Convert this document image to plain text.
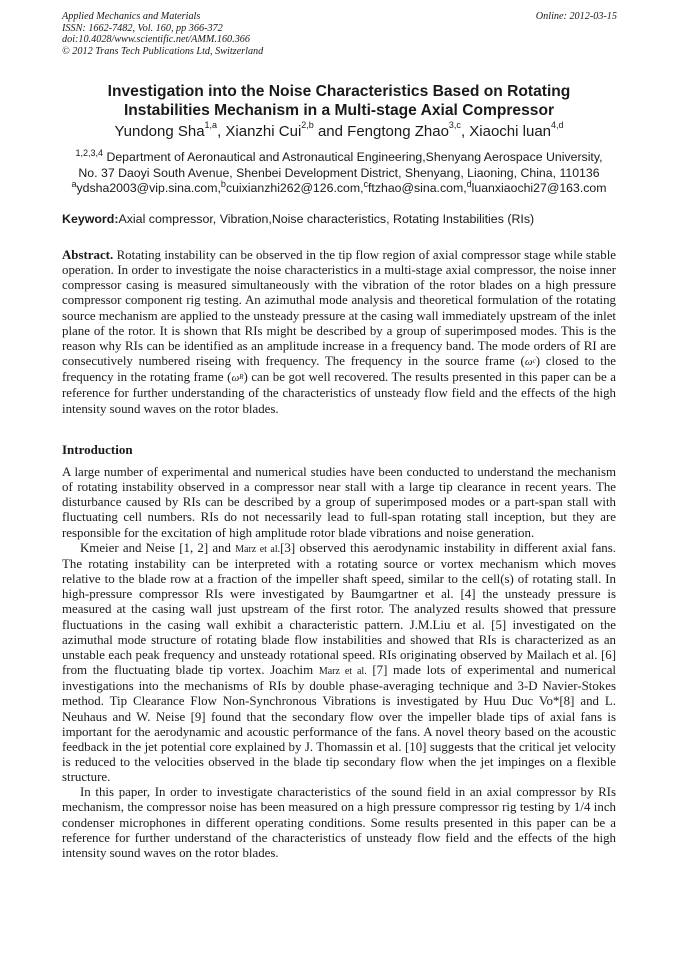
Applied Mechanics and Materials
ISSN: 1662-7482, Vol. 160, pp 366-372
doi:10.4028/www.scientific.net/AMM.160.366
© 2012 Trans Tech Publications Ltd, Switzerland
Online: 2012-03-15
Investigation into the Noise Characteristics Based on Rotating
Instabilities Mechanism in a Multi-stage Axial Compressor
Yundong Sha$^{1,a}$, Xianzhi Cui$^{2,b}$ and Fengtong Zhao$^{3,c}$, Xiaochi luan$^{4,d}$
$^{1,2,3,4}$ Department of Aeronautical and Astronautical Engineering,Shenyang Aerospace University,
No. 37 Daoyi South Avenue, Shenbei Development District, Shenyang, Liaoning, China, 110136
$^a$ydsha2003@vip.sina.com,$^b$cuixianzhi262@126.com,$^c$ftzhao@sina.com,$^d$luanxiaochi27@163.com
Keyword:Axial compressor, Vibration,Noise characteristics, Rotating Instabilities (RIs)
Abstract. Rotating instability can be observed in the tip flow region of axial compressor stage while stable operation. In order to investigate the noise characteristics in a multi-stage axial compressor, the noise inner compressor casing is measured simultaneously with the vibration of the rotor blades on a high pressure compressor component rig testing. An azimuthal mode analysis and theoretical formulation of the rotating source mechanism are applied to the unsteady pressure at the casing wall immediately upstream of the inlet plane of the rotor. It is shown that RIs might be described by a group of superimposed modes. This is the reason why RIs can be identified as an amplitude increase in a frequency band. The mode orders of RI are consecutively numbered riseing with frequency. The frequency in the source frame $(\omega^c)$ closed to the frequency in the rotating frame $(\omega^R)$ can be got well recovered. The results presented in this paper can be a reference for further understanding of the characteristics of unsteady flow field and the effects of the high intensity sound waves on the rotor blades.
Introduction

A large number of experimental and numerical studies have been conducted to understand the mechanism of rotating instability observed in a compressor near stall with a large tip clearance in recent years. The disturbance caused by RIs can be described by a group of superimposed modes or a part-span stall with fluctuating cell numbers. RIs do not necessarily lead to full-span rotating stall inception, but they are responsible for the excitation of high amplitude rotor blade vibrations and noise generation.

Kmeier and Neise [1, 2] and Marz et al.[3] observed this aerodynamic instability in different axial fans. The rotating instability can be interpreted with a rotating source or vortex mechanism which moves relative to the blade row at a fraction of the impeller shaft speed, similar to the cell(s) of rotating stall. In high-pressure compressor RIs were investigated by Baumgartner et al. [4] the unsteady pressure is measured at the casing wall just upstream of the first rotor. The analyzed results showed that pressure fluctuations in the casing wall exhibit a characteristic pattern. J.M.Liu et al. [5] investigated on the azimuthal mode structure of rotating blade flow instabilities and showed that RIs is characterized as an unstable each peak frequency and unsteady rotational speed. RIs originating observed by Mailach et al. [6] from the fluctuating blade tip vortex. Joachim Marz et al. [7] made lots of experimental and numerical investigations into the mechanisms of RIs by double phase-averaging technique and 3-D Navier-Stokes method. Tip Clearance Flow Non-Synchronous Vibrations is investigated by Huu Duc Vo*[8] and L. Neuhaus and W. Neise [9] found that the secondary flow over the impeller blade tips of axial fans is important for the aerodynamic and acoustic performance of the fans. A novel theory based on the acoustic feedback in the jet potential core explained by J. Thomassin et al. [10] suggests that the critical jet velocity is reduced to the velocities observed in the blade tip secondary flow when the jet impinges on a flexible structure.

In this paper, In order to investigate characteristics of the sound field in an axial compressor by RIs mechanism, the compressor noise has been measured on a high pressure compressor rig testing by 1/4 inch condenser microphones in different operating conditions. Some results presented in this paper can be a reference for further understand of the characteristics of unsteady flow field and the effects of the high intensity sound waves on the rotor blades.
